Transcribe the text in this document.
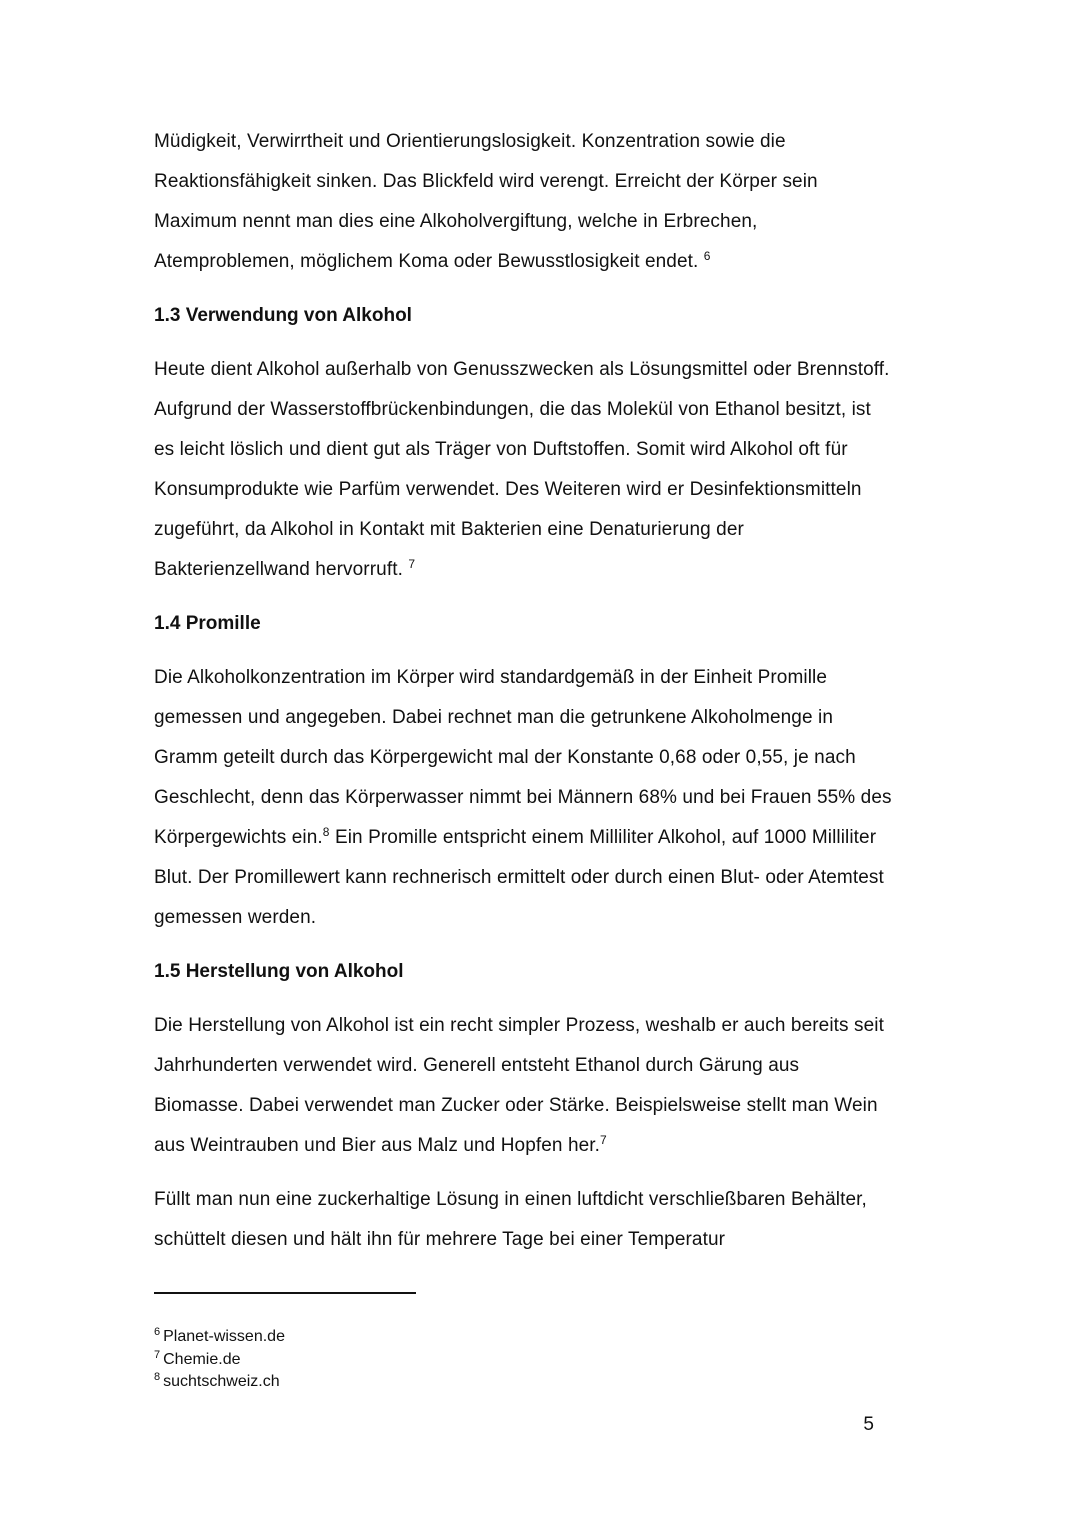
Müdigkeit, Verwirrtheit und Orientierungslosigkeit. Konzentration sowie die Reaktionsfähigkeit sinken. Das Blickfeld wird verengt. Erreicht der Körper sein Maximum nennt man dies eine Alkoholvergiftung, welche in Erbrechen, Atemproblemen, möglichem Koma oder Bewusstlosigkeit endet. $^6$

1.3 Verwendung von Alkohol

Heute dient Alkohol außerhalb von Genusszwecken als Lösungsmittel oder Brennstoff. Aufgrund der Wasserstoffbrückenbindungen, die das Molekül von Ethanol besitzt, ist es leicht löslich und dient gut als Träger von Duftstoffen. Somit wird Alkohol oft für Konsumprodukte wie Parfüm verwendet. Des Weiteren wird er Desinfektionsmitteln zugeführt, da Alkohol in Kontakt mit Bakterien eine Denaturierung der Bakterienzellwand hervorruft. $^7$

1.4 Promille

Die Alkoholkonzentration im Körper wird standardgemäß in der Einheit Promille gemessen und angegeben. Dabei rechnet man die getrunkene Alkoholmenge in Gramm geteilt durch das Körpergewicht mal der Konstante 0,68 oder 0,55, je nach Geschlecht, denn das Körperwasser nimmt bei Männern 68% und bei Frauen 55% des Körpergewichts ein.$^8$ Ein Promille entspricht einem Milliliter Alkohol, auf 1000 Milliliter Blut. Der Promillewert kann rechnerisch ermittelt oder durch einen Blut- oder Atemtest gemessen werden.

1.5 Herstellung von Alkohol

Die Herstellung von Alkohol ist ein recht simpler Prozess, weshalb er auch bereits seit Jahrhunderten verwendet wird. Generell entsteht Ethanol durch Gärung aus Biomasse. Dabei verwendet man Zucker oder Stärke. Beispielsweise stellt man Wein aus Weintrauben und Bier aus Malz und Hopfen her.$^7$

Füllt man nun eine zuckerhaltige Lösung in einen luftdicht verschließbaren Behälter, schüttelt diesen und hält ihn für mehrere Tage bei einer Temperatur

$^6$ Planet-wissen.de

$^7$ Chemie.de

$^8$ suchtschweiz.ch

5
